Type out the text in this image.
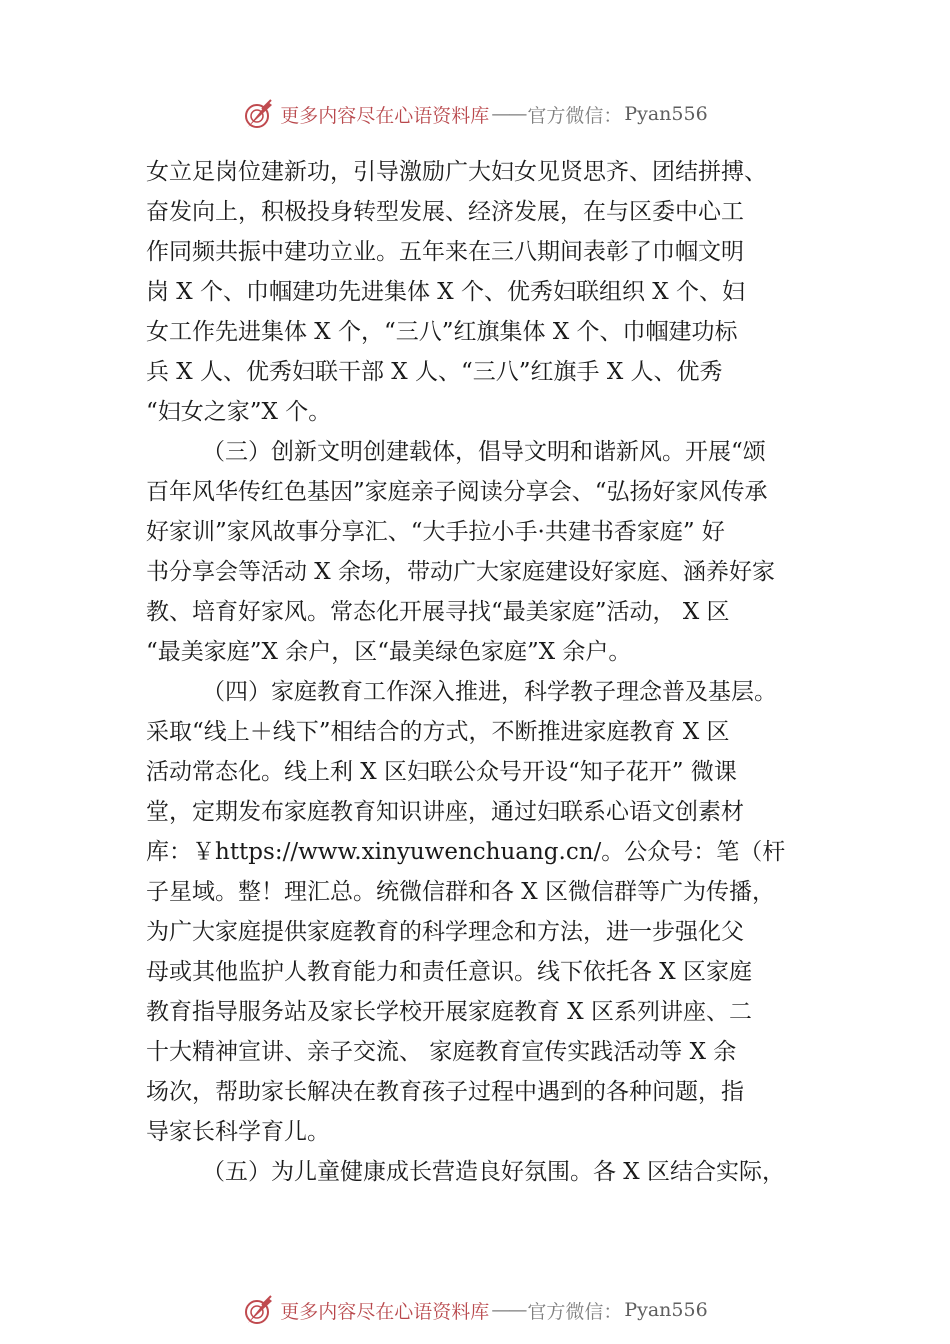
更多内容尽在心语资料库 —— 官方微信： Pyan556
女立足岗位建新功，引导激励广大妇女见贤思齐、团结拼搏、
奋发向上，积极投身转型发展、经济发展，在与区委中心工
作同频共振中建功立业。五年来在三八期间表彰了巾帼文明
岗 X 个、巾帼建功先进集体 X 个、优秀妇联组织 X 个、妇
女工作先进集体 X 个，“三八”红旗集体 X 个、巾帼建功标
兵 X 人、优秀妇联干部 X 人、“三八”红旗手 X 人、优秀
“妇女之家”X 个。
（三）创新文明创建载体，倡导文明和谐新风。开展“颂
百年风华传红色基因”家庭亲子阅读分享会、“弘扬好家风传承
好家训”家风故事分享汇、“大手拉小手·共建书香家庭” 好
书分享会等活动 X 余场，带动广大家庭建设好家庭、涵养好家
教、培育好家风。常态化开展寻找“最美家庭”活动， X 区
“最美家庭”X 余户，区“最美绿色家庭”X 余户。
（四）家庭教育工作深入推进，科学教子理念普及基层。
采取“线上＋线下”相结合的方式，不断推进家庭教育 X 区
活动常态化。线上利 X 区妇联公众号开设“知子花开” 微课
堂，定期发布家庭教育知识讲座，通过妇联系心语文创素材
库：￥https://www.xinyuwenchuang.cn/。公众号：笔（杆
子星域。整！理汇总。统微信群和各 X 区微信群等广为传播，
为广大家庭提供家庭教育的科学理念和方法，进一步强化父
母或其他监护人教育能力和责任意识。线下依托各 X 区家庭
教育指导服务站及家长学校开展家庭教育 X 区系列讲座、二
十大精神宣讲、亲子交流、 家庭教育宣传实践活动等 X 余
场次，帮助家长解决在教育孩子过程中遇到的各种问题，指
导家长科学育儿。
（五）为儿童健康成长营造良好氛围。各 X 区结合实际，
更多内容尽在心语资料库 —— 官方微信： Pyan556
